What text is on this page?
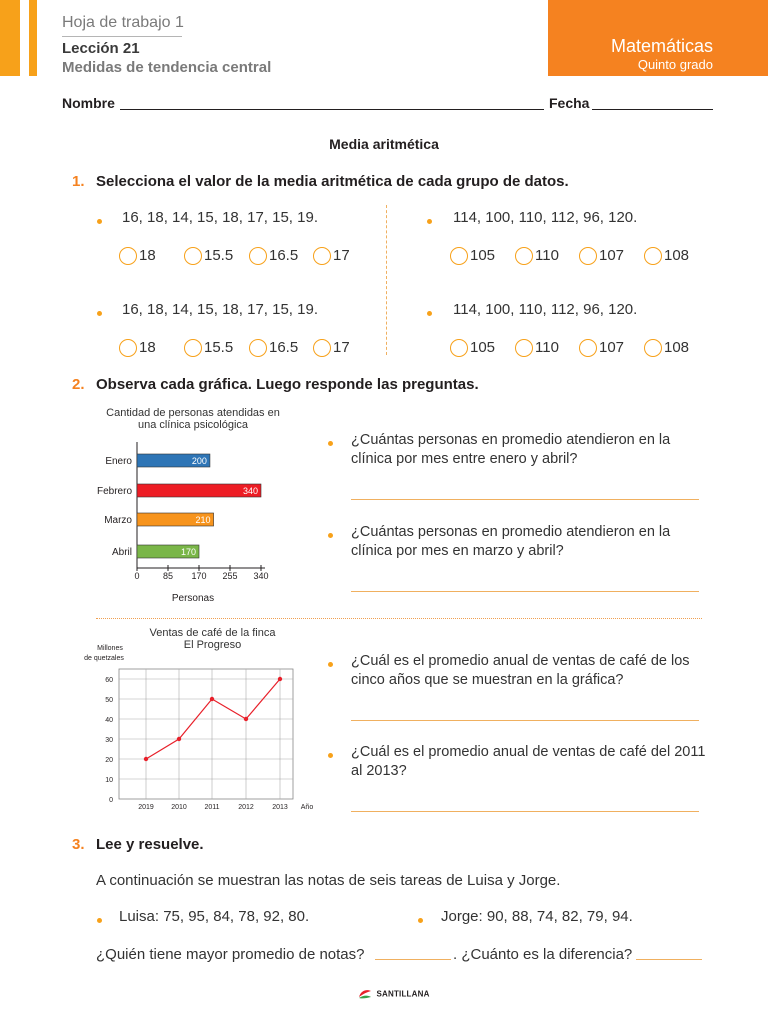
Hoja de trabajo 1
Lección 21
Medidas de tendencia central
Matemáticas
Quinto grado
Nombre	Fecha
Media aritmética
1. Selecciona el valor de la media aritmética de cada grupo de datos.
16, 18, 14, 15, 18, 17, 15, 19.
18	15.5	16.5	17
114, 100, 110, 112, 96, 120.
105	110	107	108
16, 18, 14, 15, 18, 17, 15, 19.
18	15.5	16.5	17
114, 100, 110, 112, 96, 120.
105	110	107	108
2. Observa cada gráfica. Luego responde las preguntas.
Cantidad de personas atendidas en
una clínica psicológica
Enero	200
Febrero	340
Marzo	210
Abril	170
0	85 170 255 340
Personas
¿Cuántas personas en promedio atendieron en la clínica por mes entre enero y abril?
¿Cuántas personas en promedio atendieron en la clínica por mes en marzo y abril?
Ventas de café de la finca
El Progreso
Millones
de quetzales
0
10
20
30
40
50
60
2019 2010	2011	2012	2013 Año
¿Cuál es el promedio anual de ventas de café de los cinco años que se muestran en la gráfica?
¿Cuál es el promedio anual de ventas de café del 2011 al 2013?
3. Lee y resuelve.
A continuación se muestran las notas de seis tareas de Luisa y Jorge.
Luisa: 75, 95, 84, 78, 92, 80.	Jorge: 90, 88, 74, 82, 79, 94.
¿Quién tiene mayor promedio de notas?	. ¿Cuánto es la diferencia?
SANTILLANA
